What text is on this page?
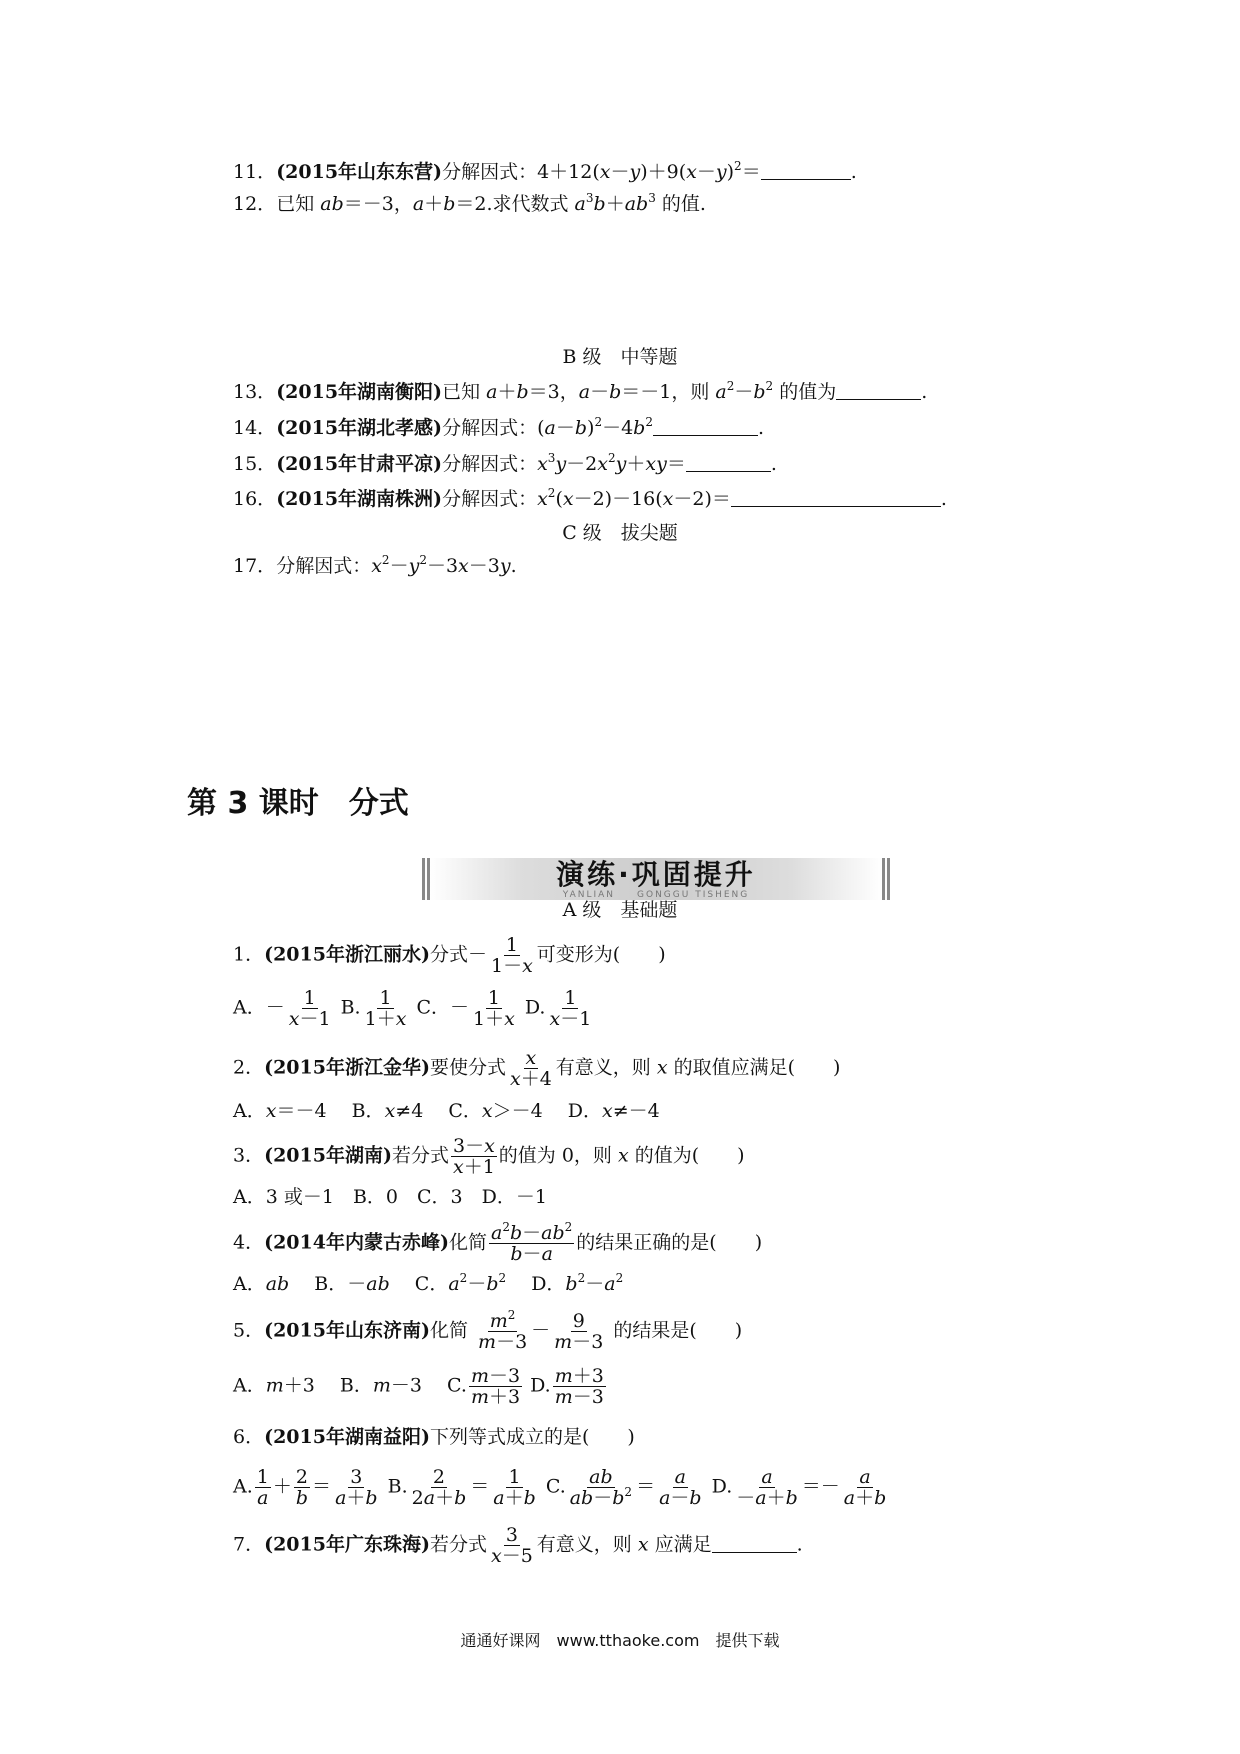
11．(2015年山东东营)分解因式：$4+12(x-y)+9(x-y)^2=$	.
12．已知 ab＝－3，a＋b＝2.求代数式 $a^3b+ab^3$ 的值.
B 级　中等题
13．(2015年湖南衡阳)已知 a＋b＝3，a－b＝－1，则 $a^2-b^2$ 的值为	.
14．(2015年湖北孝感)分解因式：$(a-b)^2-4b^2$	.
15．(2015年甘肃平凉)分解因式：$x^3y-2x^2y+xy=$	.
16．(2015年湖南株洲)分解因式：$x^2(x-2)-16(x-2)=$	.
C 级　拔尖题
17．分解因式：$x^2-y^2-3x-3y$.
第 3 课时　分式
演练·巩固提升
YANLIAN　　GONGGU TISHENG
A 级　基础题
1．(2015年浙江丽水)分式－ $\frac{1}{1-x}$ 可变形为(　　)
A．－ $\frac{1}{x-1} B$. $\frac{1}{1+x}$ C．－ $\frac{1}{1+x} D$. $\frac{1}{x-1}$
2．(2015年浙江金华)要使分式 $\frac{x}{x+4}$ 有意义，则 x 的取值应满足(　　)
A．x＝－4　 B．x≠4　 C．x＞－4　 D．x≠－4
3．(2015年湖南)若分式 $\frac{3-x}{x+1}$ 的值为 0，则 x 的值为(　　)
A．3 或－1　B．0　C．3　D．－1
4．(2014年内蒙古赤峰)化简 $\frac{a^2b-ab^2}{b-a}$ 的结果正确的是(　　)
A．ab　 B．－ab　 C．$a^2-b^2$　 D．$b^2-a^2$
5．(2015年山东济南)化简 $\frac{m^2}{m-3} - \frac{9}{m-3}$ 的结果是(　　)
A．m＋3　 B．m－3　 C. $\frac{m-3}{m+3} D$. $\frac{m+3}{m-3}$
6．(2015年湖南益阳)下列等式成立的是(　　)
A. $\frac{1}{a} + \frac{2}{b} = \frac{3}{a+b} B$. $\frac{2}{2a+b} = \frac{1}{a+b} C$. $\frac{ab}{ab-b^2} = \frac{a}{a-b} D$. $\frac{a}{-a+b} =- \frac{a}{a+b}$
7．(2015年广东珠海)若分式 $\frac{3}{x-5}$ 有意义，则 x 应满足	.
通通好课网　www.tthaoke.com　提供下载
